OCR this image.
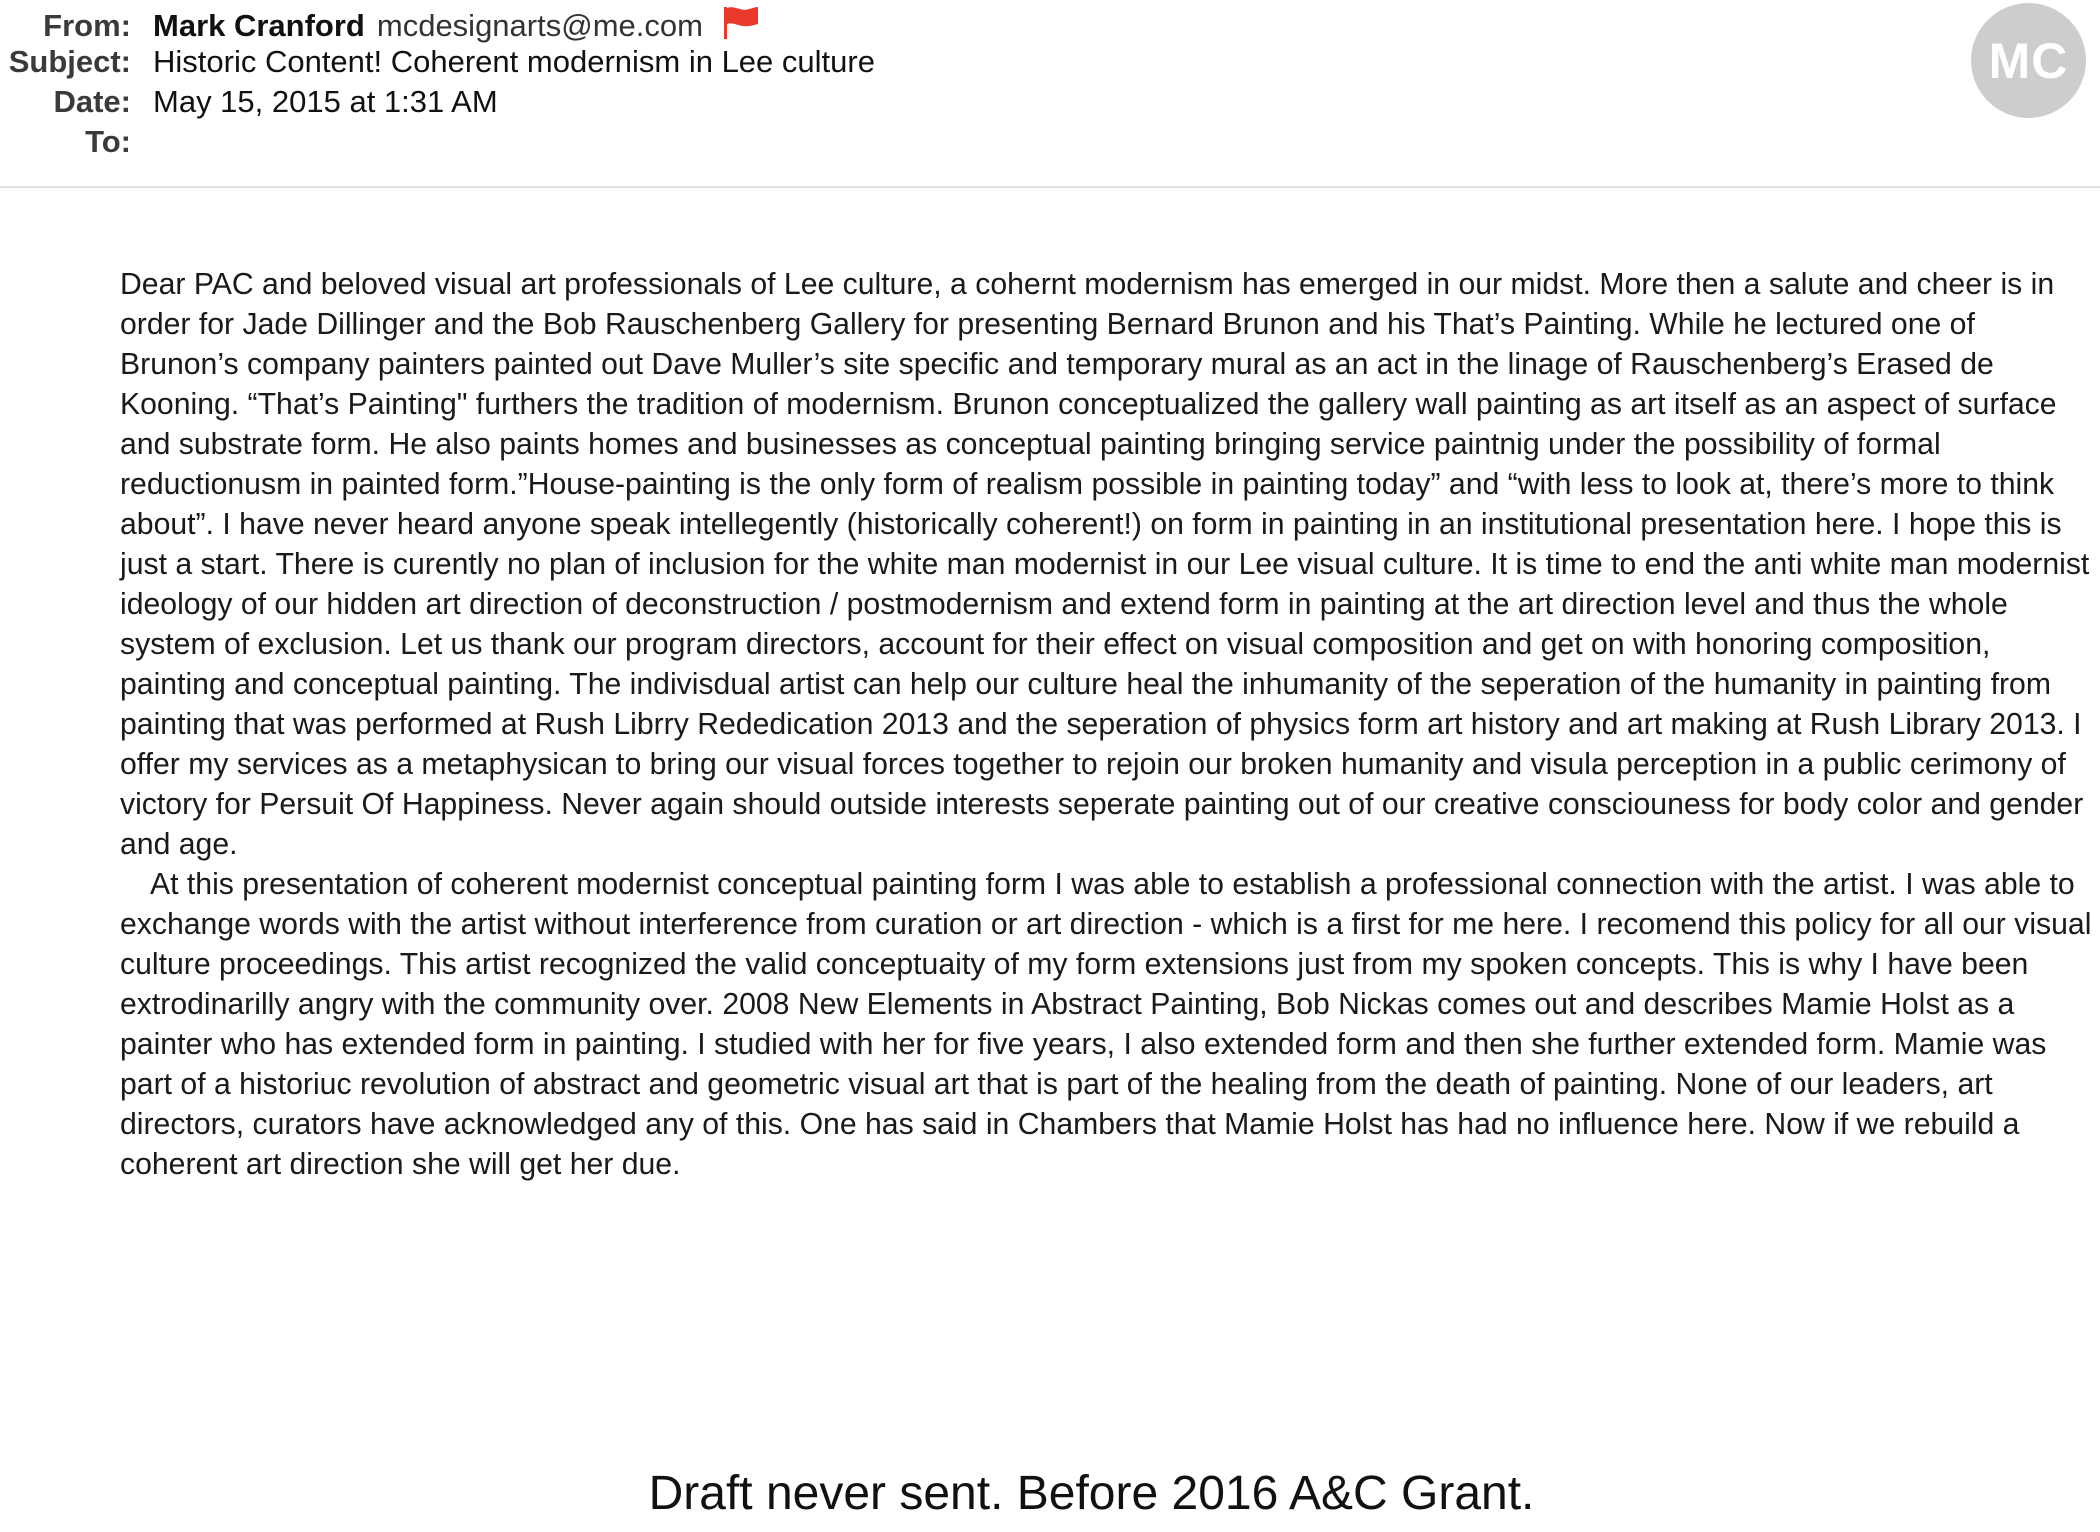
From: Mark Cranford mcdesignarts@me.com
Subject: Historic Content! Coherent modernism in Lee culture
Date: May 15, 2015 at 1:31 AM
To:
MC

Dear PAC and beloved visual art professionals of Lee culture, a cohernt modernism has emerged in our midst. More then a salute and cheer is in order for Jade Dillinger and the Bob Rauschenberg Gallery for presenting Bernard Brunon and his That’s Painting. While he lectured one of Brunon’s company painters painted out Dave Muller’s site specific and temporary mural as an act in the linage of Rauschenberg’s Erased de Kooning. “That’s Painting" furthers the tradition of modernism. Brunon conceptualized the gallery wall painting as art itself as an aspect of surface and substrate form. He also paints homes and businesses as conceptual painting bringing service paintnig under the possibility of formal reductionusm in painted form.”House-painting is the only form of realism possible in painting today” and “with less to look at, there’s more to think about”. I have never heard anyone speak intellegently (historically coherent!) on form in painting in an institutional presentation here. I hope this is just a start. There is curently no plan of inclusion for the white man modernist in our Lee visual culture. It is time to end the anti white man modernist ideology of our hidden art direction of deconstruction / postmodernism and extend form in painting at the art direction level and thus the whole system of exclusion. Let us thank our program directors, account for their effect on visual composition and get on with honoring composition, painting and conceptual painting. The indivisdual artist can help our culture heal the inhumanity of the seperation of the humanity in painting from painting that was performed at Rush Librry Rededication 2013 and the seperation of physics form art history and art making at Rush Library 2013. I offer my services as a metaphysican to bring our visual forces together to rejoin our broken humanity and visula perception in a public cerimony of victory for Persuit Of Happiness. Never again should outside interests seperate painting out of our creative consciouness for body color and gender and age.

At this presentation of coherent modernist conceptual painting form I was able to establish a professional connection with the artist. I was able to exchange words with the artist without interference from curation or art direction - which is a first for me here. I recomend this policy for all our visual culture proceedings. This artist recognized the valid conceptuaity of my form extensions just from my spoken concepts. This is why I have been extrodinarilly angry with the community over. 2008 New Elements in Abstract Painting, Bob Nickas comes out and describes Mamie Holst as a painter who has extended form in painting. I studied with her for five years, I also extended form and then she further extended form. Mamie was part of a historiuc revolution of abstract and geometric visual art that is part of the healing from the death of painting. None of our leaders, art directors, curators have acknowledged any of this. One has said in Chambers that Mamie Holst has had no influence here. Now if we rebuild a coherent art direction she will get her due.

Draft never sent. Before 2016 A&C Grant.
